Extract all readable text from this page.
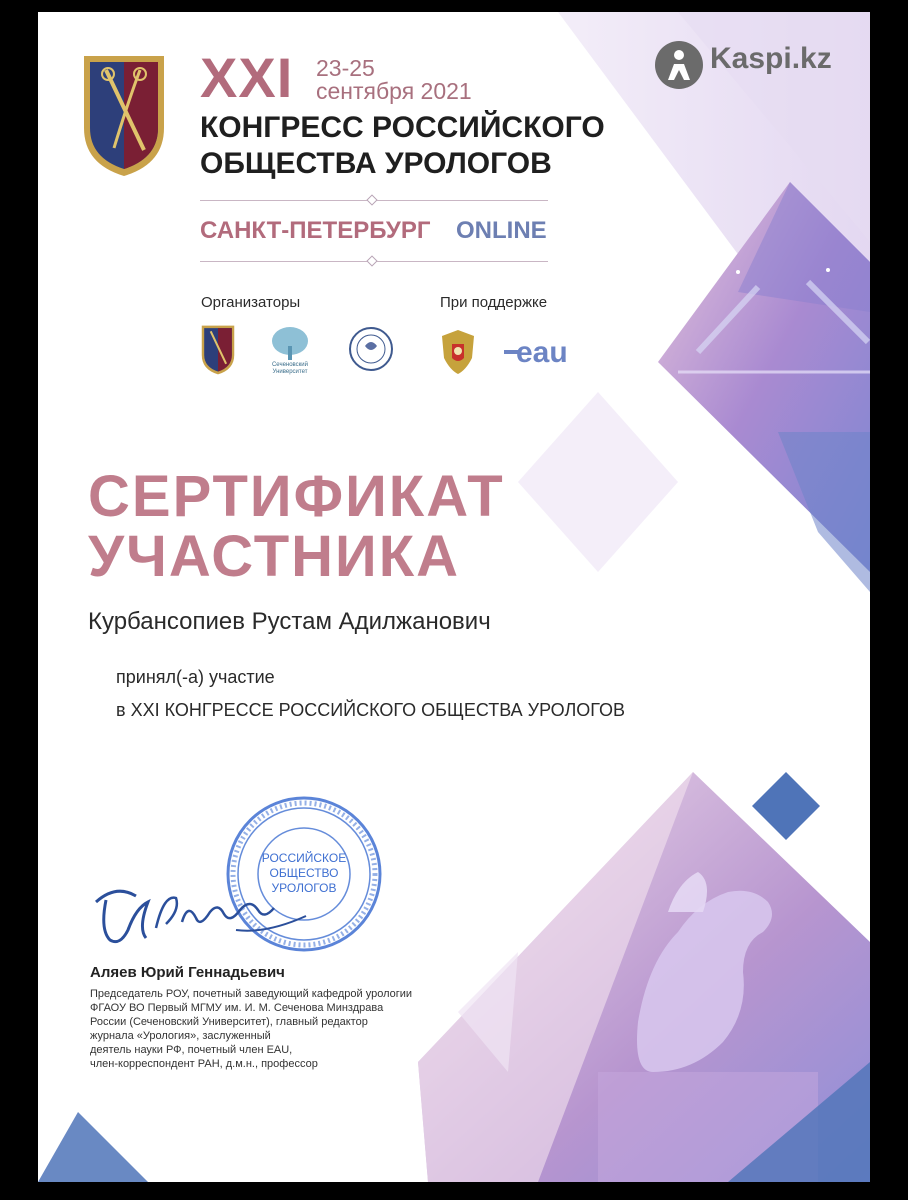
XXI 23-25
сентября 2021
КОНГРЕСС РОССИЙСКОГО
ОБЩЕСТВА УРОЛОГОВ
САНКТ-ПЕТЕРБУРГ ONLINE
Организаторы	При поддержке
Сеченовский
Университет
eau
СЕРТИФИКАТ
УЧАСТНИКА
Курбансопиев Рустам Адилжанович
принял(-а) участие
в XXI КОНГРЕССЕ РОССИЙСКОГО ОБЩЕСТВА УРОЛОГОВ
РОССИЙСКОЕ
ОБЩЕСТВО
УРОЛОГОВ
Аляев Юрий Геннадьевич
Председатель РОУ, почетный заведующий кафедрой урологии
ФГАОУ ВО Первый МГМУ им. И. М. Сеченова Минздрава
России (Сеченовский Университет), главный редактор
журнала «Урология», заслуженный
деятель науки РФ, почетный член EAU,
член-корреспондент РАН, д.м.н., профессор
Kaspi.kz
